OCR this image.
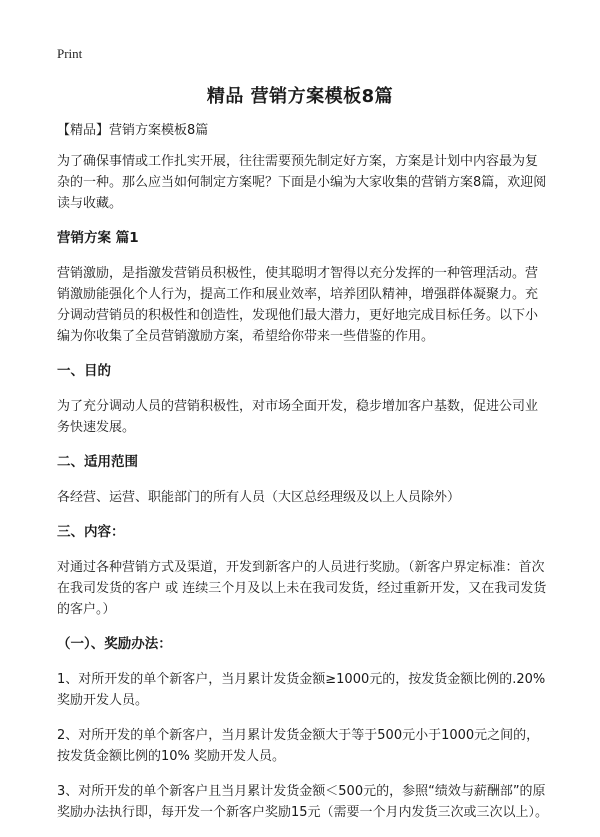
Print
精品 营销方案模板8篇

【精品】营销方案模板8篇

为了确保事情或工作扎实开展，往往需要预先制定好方案，方案是计划中内容最为复杂的一种。那么应当如何制定方案呢？下面是小编为大家收集的营销方案8篇，欢迎阅读与收藏。

营销方案 篇1

营销激励，是指激发营销员积极性，使其聪明才智得以充分发挥的一种管理活动。营销激励能强化个人行为，提高工作和展业效率，培养团队精神，增强群体凝聚力。充分调动营销员的积极性和创造性，发现他们最大潜力，更好地完成目标任务。以下小编为你收集了全员营销激励方案，希望给你带来一些借鉴的作用。

一、目的

为了充分调动人员的营销积极性，对市场全面开发，稳步增加客户基数，促进公司业务快速发展。

二、适用范围

各经营、运营、职能部门的所有人员（大区总经理级及以上人员除外）

三、内容：

对通过各种营销方式及渠道，开发到新客户的人员进行奖励。（新客户界定标准：首次在我司发货的客户 或 连续三个月及以上未在我司发货，经过重新开发，又在我司发货的客户。）

（一）、奖励办法：

1、对所开发的单个新客户，当月累计发货金额≥1000元的，按发货金额比例的.20% 奖励开发人员。

2、对所开发的单个新客户，当月累计发货金额大于等于500元小于1000元之间的，按发货金额比例的10% 奖励开发人员。

3、对所开发的单个新客户且当月累计发货金额＜500元的，参照“绩效与薪酬部”的原奖励办法执行即，每开发一个新客户奖励15元（需要一个月内发货三次或三次以上）。
